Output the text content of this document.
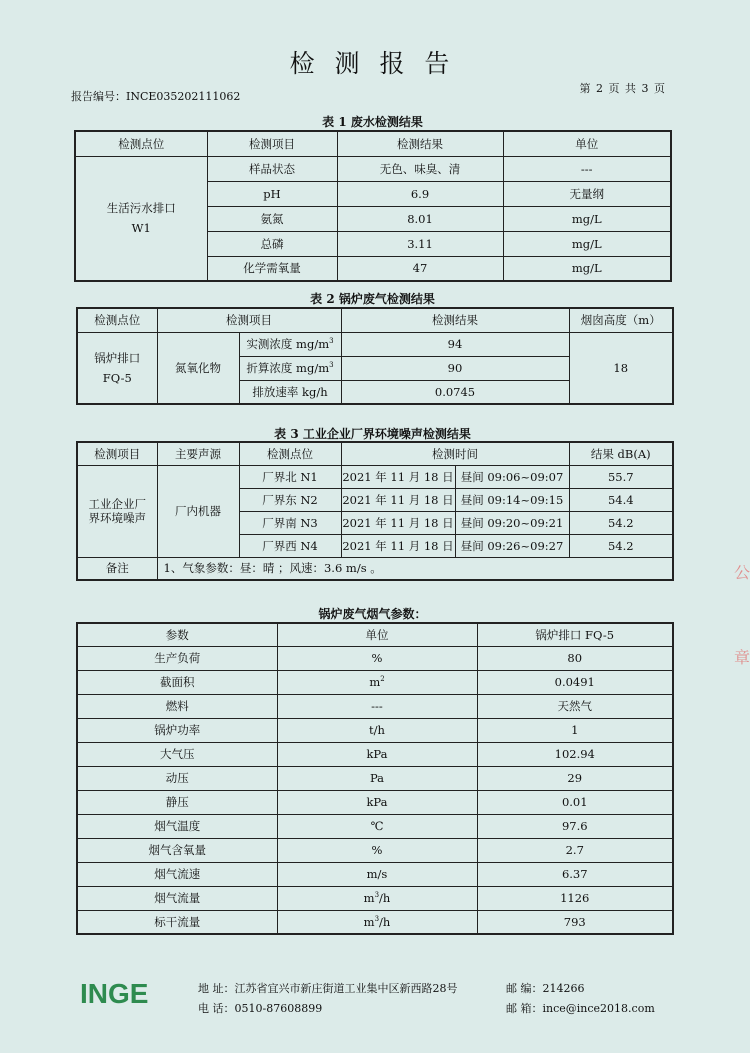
检 测 报 告
报告编号：INCE035202111062
第 2 页 共 3 页
表 1 废水检测结果
检测点位	检测项目	检测结果	单位

生活污水排口
W1	样品状态	无色、味臭、清	---
	pH	6.9	无量纲
	氨氮	8.01	mg/L
	总磷	3.11	mg/L
	化学需氧量	47	mg/L
表 2 锅炉废气检测结果
检测点位	检测项目		检测结果	烟囱高度（m）

锅炉排口
FQ-5	氮氧化物	实测浓度 $mg/m^3$	94	18
		折算浓度 $mg/m^3$	90	
		排放速率 kg/h	0.0745	
表 3 工业企业厂界环境噪声检测结果
检测项目	主要声源	检测点位	检测时间		结果 dB(A)

工业企业厂
界环境噪声	厂内机器	厂界北 N1	2021 年 11 月 18 日	昼间 09:06~09:07	55.7
		厂界东 N2	2021 年 11 月 18 日	昼间 09:14~09:15	54.4
		厂界南 N3	2021 年 11 月 18 日	昼间 09:20~09:21	54.2
		厂界西 N4	2021 年 11 月 18 日	昼间 09:26~09:27	54.2
备注	1、气象参数：昼：晴 ；风速：3.6 m/s 。				
锅炉废气烟气参数：
参数	单位	锅炉排口 FQ-5
生产负荷	%	80
截面积	$m^2$	0.0491
燃料	---	天然气
锅炉功率	t/h	1
大气压	kPa	102.94
动压	Pa	29
静压	kPa	0.01
烟气温度	℃	97.6
烟气含氧量	%	2.7
烟气流速	m/s	6.37
烟气流量	$m^3/h$	1126
标干流量	$m^3/h$	793
INGE	地 址：江苏省宜兴市新庄街道工业集中区新西路28号	邮 编：214266
电 话：0510-87608899	邮 箱：ince@ince2018.com
公
章
